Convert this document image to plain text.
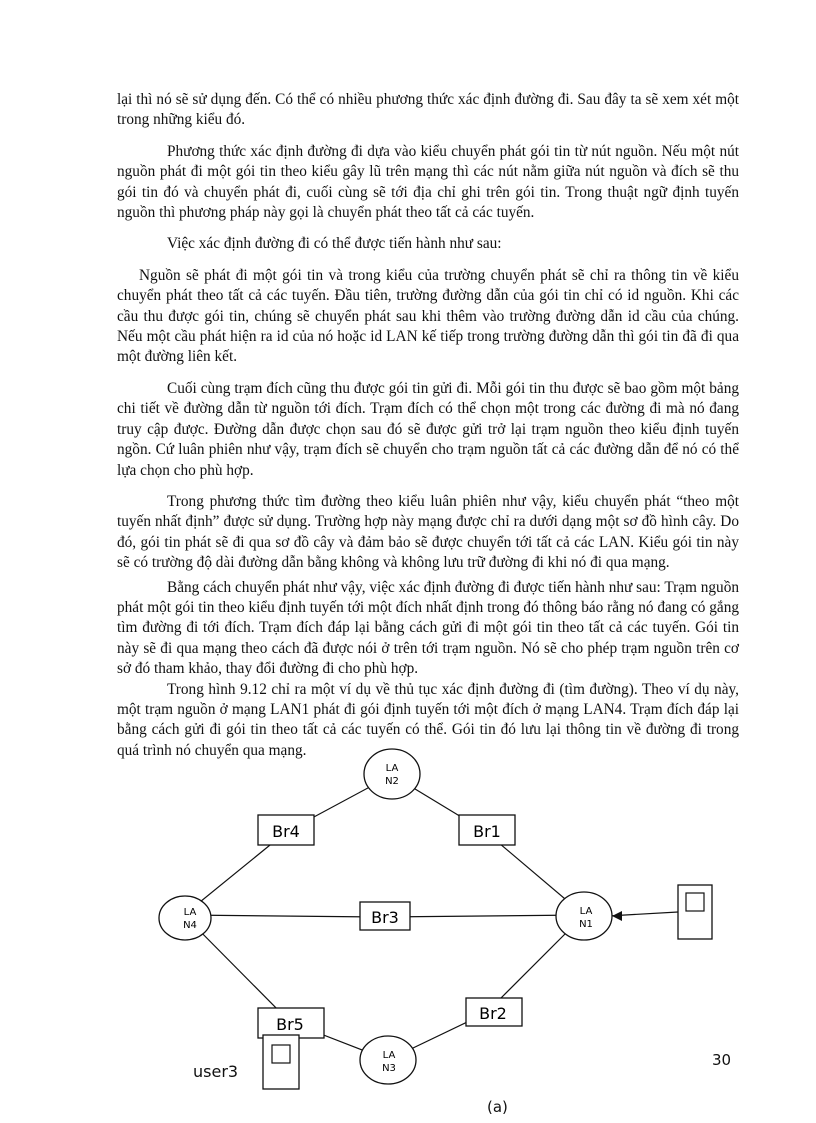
lại thì nó sẽ sử dụng đến. Có thể có nhiều phương thức xác định đường đi. Sau đây ta sẽ xem xét một trong những kiểu đó.

Phương thức xác định đường đi dựa vào kiểu chuyển phát gói tin từ nút nguồn. Nếu một nút nguồn phát đi một gói tin theo kiểu gây lũ trên mạng thì các nút nằm giữa nút nguồn và đích sẽ thu gói tin đó và chuyển phát đi, cuối cùng sẽ tới địa chỉ ghi trên gói tin. Trong thuật ngữ định tuyến nguồn thì phương pháp này gọi là chuyển phát theo tất cả các tuyến.

Việc xác định đường đi có thể được tiến hành như sau:

Nguồn sẽ phát đi một gói tin và trong kiểu của trường chuyển phát sẽ chỉ ra thông tin về kiểu chuyển phát theo tất cả các tuyến. Đầu tiên, trường đường dẫn của gói tin chỉ có id nguồn. Khi các cầu thu được gói tin, chúng sẽ chuyển phát sau khi thêm vào trường đường dẫn id cầu của chúng. Nếu một cầu phát hiện ra id của nó hoặc id LAN kế tiếp trong trường đường dẫn thì gói tin đã đi qua một đường liên kết.

Cuối cùng trạm đích cũng thu được gói tin gửi đi. Mỗi gói tin thu được sẽ bao gồm một bảng chi tiết về đường dẫn từ nguồn tới đích. Trạm đích có thể chọn một trong các đường đi mà nó đang truy cập được. Đường dẫn được chọn sau đó sẽ được gửi trở lại trạm nguồn theo kiểu định tuyến ngồn. Cứ luân phiên như vậy, trạm đích sẽ chuyển cho trạm nguồn tất cả các đường dẫn để nó có thể lựa chọn cho phù hợp.

Trong phương thức tìm đường theo kiểu luân phiên như vậy, kiểu chuyển phát “theo một tuyến nhất định” được sử dụng. Trường hợp này mạng được chỉ ra dưới dạng một sơ đồ hình cây. Do đó, gói tin phát sẽ đi qua sơ đồ cây và đảm bảo sẽ được chuyển tới tất cả các LAN. Kiểu gói tin này sẽ có trường độ dài đường dẫn bằng không và không lưu trữ đường đi khi nó đi qua mạng.

Bằng cách chuyển phát như vậy, việc xác định đường đi được tiến hành như sau: Trạm nguồn phát một gói tin theo kiểu định tuyến tới một đích nhất định trong đó thông báo rằng nó đang có gắng tìm đường đi tới đích. Trạm đích đáp lại bằng cách gửi đi một gói tin theo tất cả các tuyến. Gói tin này sẽ đi qua mạng theo cách đã được nói ở trên tới trạm nguồn. Nó sẽ cho phép trạm nguồn trên cơ sở đó tham khảo, thay đổi đường đi cho phù hợp.

Trong hình 9.12 chỉ ra một ví dụ về thủ tục xác định đường đi (tìm đường). Theo ví dụ này, một trạm nguồn ở mạng LAN1 phát đi gói định tuyến tới một đích ở mạng LAN4. Trạm đích đáp lại bằng cách gửi đi gói tin theo tất cả các tuyến có thể. Gói tin đó lưu lại thông tin về đường đi trong quá trình nó chuyển qua mạng.

LA
N2
LA
N4
LA
N1
LA
N3
Br4	Br1
Br3
Br5
Br2
user3
30
(a)
